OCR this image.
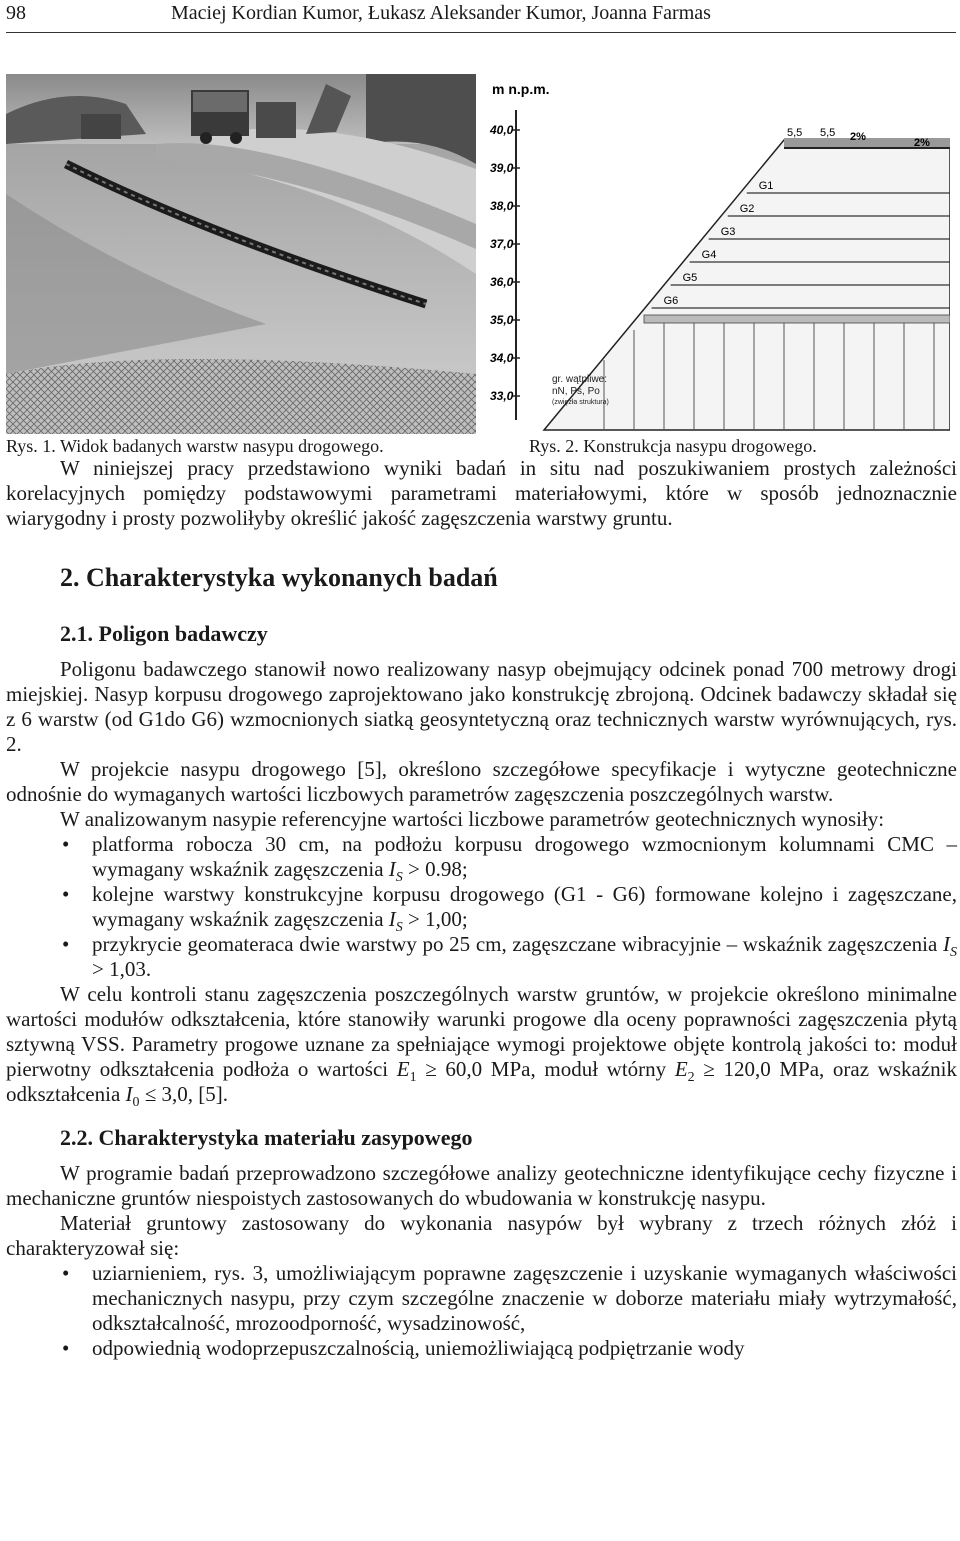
98	Maciej Kordian Kumor, Łukasz Aleksander Kumor, Joanna Farmas
m n.p.m.
40,0
39,0
38,0
37,0
36,0
35,0
34,0
33,0
G1
G2
G3
G4
G5
G6
5,5 5,5 2%	2%
gr. wątpliwe:
nN, Ps, Po
(zwięzła struktura)
Rys. 1. Widok badanych warstw nasypu drogowego.	Rys. 2. Konstrukcja nasypu drogowego.

W niniejszej pracy przedstawiono wyniki badań in situ nad poszukiwaniem prostych zależności korelacyjnych pomiędzy podstawowymi parametrami materiałowymi, które w sposób jednoznacznie wiarygodny i prosty pozwoliłyby określić jakość zagęszczenia warstwy gruntu.

2. Charakterystyka wykonanych badań
2.1. Poligon badawczy

Poligonu badawczego stanowił nowo realizowany nasyp obejmujący odcinek ponad 700 metrowy drogi miejskiej. Nasyp korpusu drogowego zaprojektowano jako konstrukcję zbrojoną. Odcinek badawczy składał się z 6 warstw (od G1do G6) wzmocnionych siatką geosyntetyczną oraz technicznych warstw wyrównujących, rys. 2.

W projekcie nasypu drogowego [5], określono szczegółowe specyfikacje i wytyczne geotechniczne odnośnie do wymaganych wartości liczbowych parametrów zagęszczenia poszczególnych warstw.

W analizowanym nasypie referencyjne wartości liczbowe parametrów geotechnicznych wynosiły:

• platforma robocza 30 cm, na podłożu korpusu drogowego wzmocnionym kolumnami CMC – wymagany wskaźnik zagęszczenia $I_S > 0.98$;
• kolejne warstwy konstrukcyjne korpusu drogowego (G1 - G6) formowane kolejno i zagęszczane, wymagany wskaźnik zagęszczenia $I_S > 1,00$;
• przykrycie geomateraca dwie warstwy po 25 cm, zagęszczane wibracyjnie – wskaźnik zagęszczenia $I_S > 1,03$.

W celu kontroli stanu zagęszczenia poszczególnych warstw gruntów, w projekcie określono minimalne wartości modułów odkształcenia, które stanowiły warunki progowe dla oceny poprawności zagęszczenia płytą sztywną VSS. Parametry progowe uznane za spełniające wymogi projektowe objęte kontrolą jakości to: moduł pierwotny odkształcenia podłoża o wartości $E_1 \ge 60,0$ MPa, moduł wtórny $E_2 \ge 120,0$ MPa, oraz wskaźnik odkształcenia $I_0 \le 3,0$, [5].

2.2. Charakterystyka materiału zasypowego

W programie badań przeprowadzono szczegółowe analizy geotechniczne identyfikujące cechy fizyczne i mechaniczne gruntów niespoistych zastosowanych do wbudowania w konstrukcję nasypu.

Materiał gruntowy zastosowany do wykonania nasypów był wybrany z trzech różnych złóż i charakteryzował się:

• uziarnieniem, rys. 3, umożliwiającym poprawne zagęszczenie i uzyskanie wymaganych właściwości mechanicznych nasypu, przy czym szczególne znaczenie w doborze materiału miały wytrzymałość, odkształcalność, mrozoodporność, wysadzinowość,
• odpowiednią wodoprzepuszczalnością, uniemożliwiającą podpiętrzanie wody
